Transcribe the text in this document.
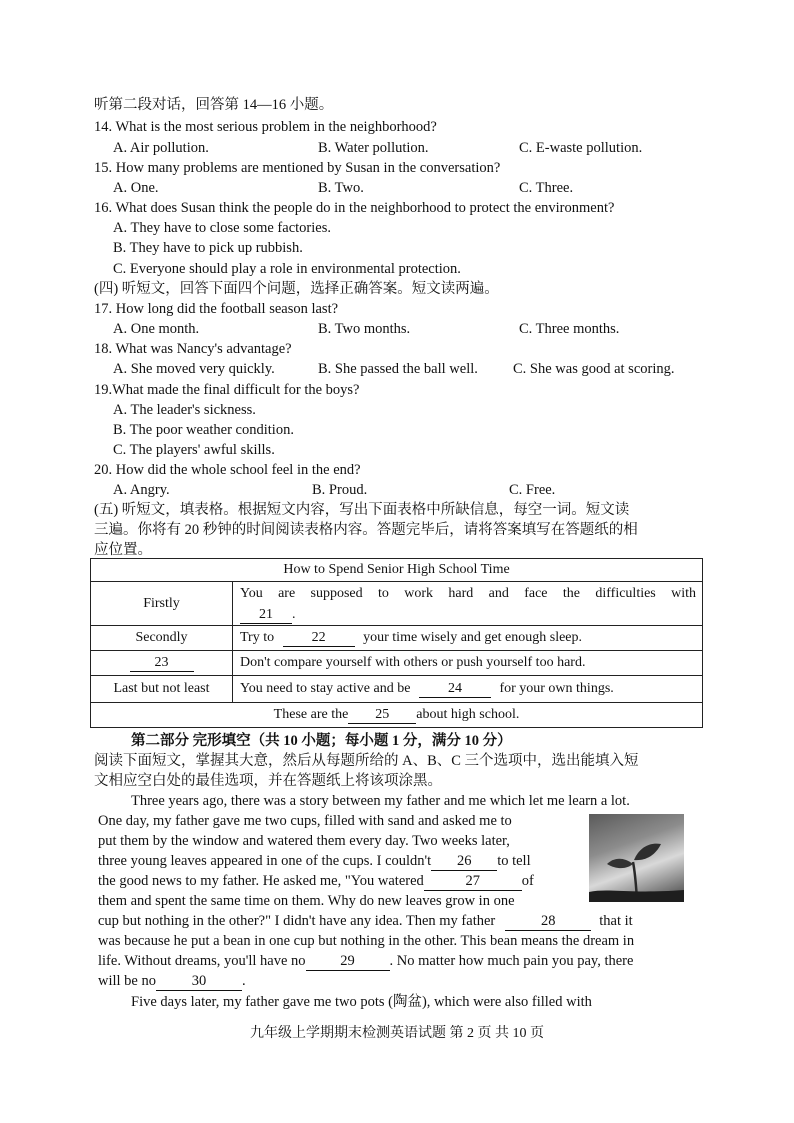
听第二段对话，回答第 14—16 小题。
14. What is the most serious problem in the neighborhood?
A. Air pollution.	B. Water pollution.	C. E-waste pollution.
15. How many problems are mentioned by Susan in the conversation?
A. One.	B. Two.	C. Three.
16. What does Susan think the people do in the neighborhood to protect the environment?
A. They have to close some factories.
B. They have to pick up rubbish.
C. Everyone should play a role in environmental protection.
(四) 听短文，回答下面四个问题，选择正确答案。短文读两遍。
17. How long did the football season last?
A. One month.	B. Two months.	C. Three months.
18. What was Nancy's advantage?
A. She moved very quickly.	B. She passed the ball well. C. She was good at scoring.
19.What made the final difficult for the boys?
A. The leader's sickness.
B. The poor weather condition.
C. The players' awful skills.
20. How did the whole school feel in the end?
A. Angry.	B. Proud.	C. Free.
(五) 听短文，填表格。根据短文内容，写出下面表格中所缺信息，每空一词。短文读
三遍。你将有 20 秒钟的时间阅读表格内容。答题完毕后，请将答案填写在答题纸的相
应位置。
How to Spend Senior High School Time	
Firstly	You are supposed to work hard and face the difficulties with
21 .
Secondly	Try to 22 your time wisely and get enough sleep.
23	Don't compare yourself with others or push yourself too hard.
Last but not least	You need to stay active and be 24 for your own things.
These are the 25 about high school.	
第二部分 完形填空（共 10 小题；每小题 1 分，满分 10 分）
阅读下面短文，掌握其大意，然后从每题所给的 A、B、C 三个选项中，选出能填入短
文相应空白处的最佳选项，并在答题纸上将该项涂黑。
Three years ago, there was a story between my father and me which let me learn a lot.
One day, my father gave me two cups, filled with sand and asked me to
put them by the window and watered them every day. Two weeks later,
three young leaves appeared in one of the cups. I couldn't 26 to tell
the good news to my father. He asked me, "You watered	27	of
them and spent the same time on them. Why do new leaves grow in one
cup but nothing in the other?" I didn't have any idea. Then my father	28	that it
was because he put a bean in one cup but nothing in the other. This bean means the dream in
life. Without dreams, you'll have no 29 . No matter how much pain you pay, there
will be no 30 .
Five days later, my father gave me two pots (陶盆), which were also filled with
九年级上学期期末检测英语试题 第 2 页 共 10 页
